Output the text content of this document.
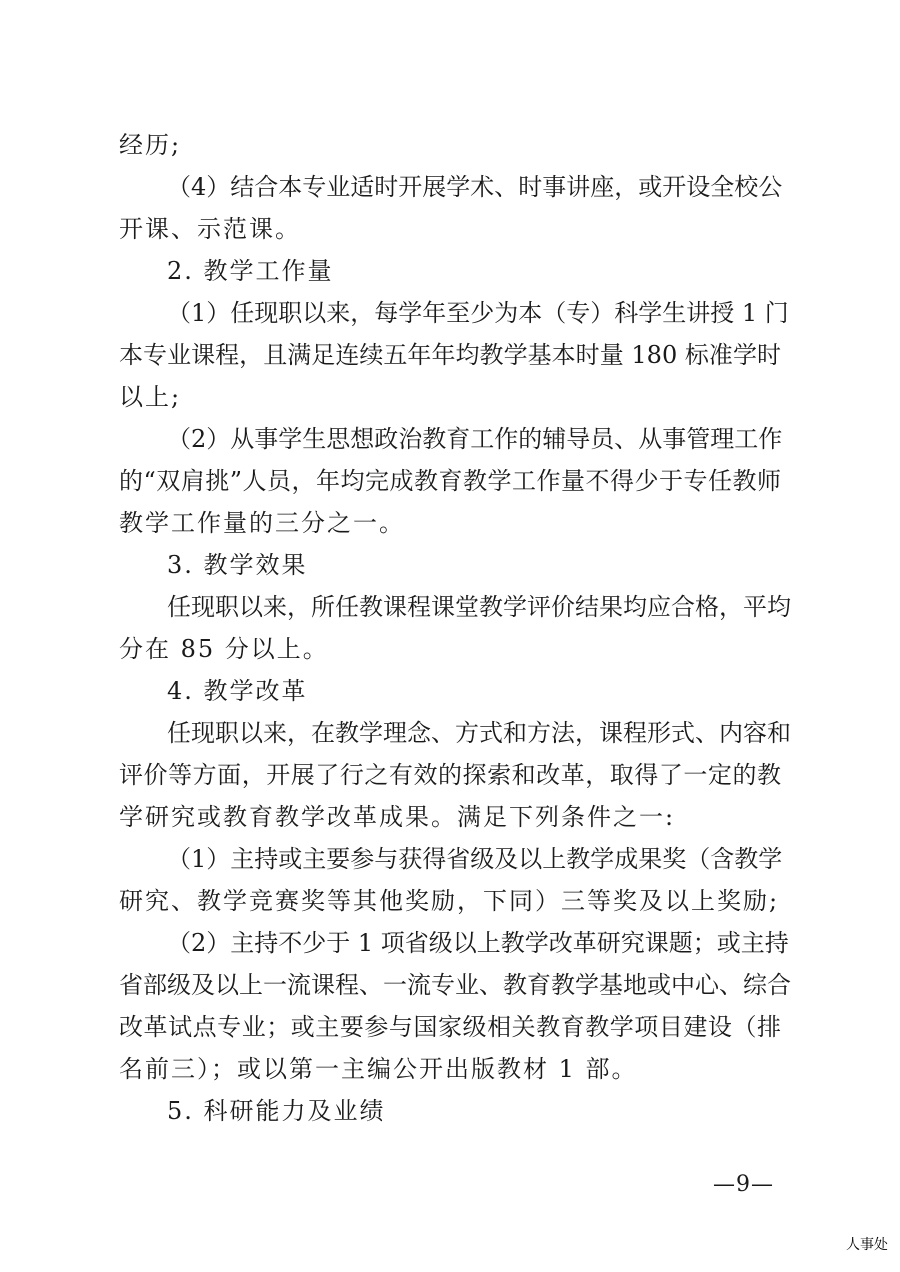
经历;
（4）结合本专业适时开展学术、时事讲座，或开设全校公
开课、示范课。
2. 教学工作量
（1）任现职以来，每学年至少为本（专）科学生讲授 1 门
本专业课程，且满足连续五年年均教学基本时量 180 标准学时
以上;
（2）从事学生思想政治教育工作的辅导员、从事管理工作
的“双肩挑”人员，年均完成教育教学工作量不得少于专任教师
教学工作量的三分之一。
3. 教学效果
任现职以来，所任教课程课堂教学评价结果均应合格，平均
分在 85 分以上。
4. 教学改革
任现职以来，在教学理念、方式和方法，课程形式、内容和
评价等方面，开展了行之有效的探索和改革，取得了一定的教
学研究或教育教学改革成果。满足下列条件之一:
（1）主持或主要参与获得省级及以上教学成果奖（含教学
研究、教学竞赛奖等其他奖励，下同）三等奖及以上奖励;
（2）主持不少于 1 项省级以上教学改革研究课题；或主持
省部级及以上一流课程、一流专业、教育教学基地或中心、综合
改革试点专业；或主要参与国家级相关教育教学项目建设（排
名前三）；或以第一主编公开出版教材 1 部。
5. 科研能力及业绩
—9—
人事处
